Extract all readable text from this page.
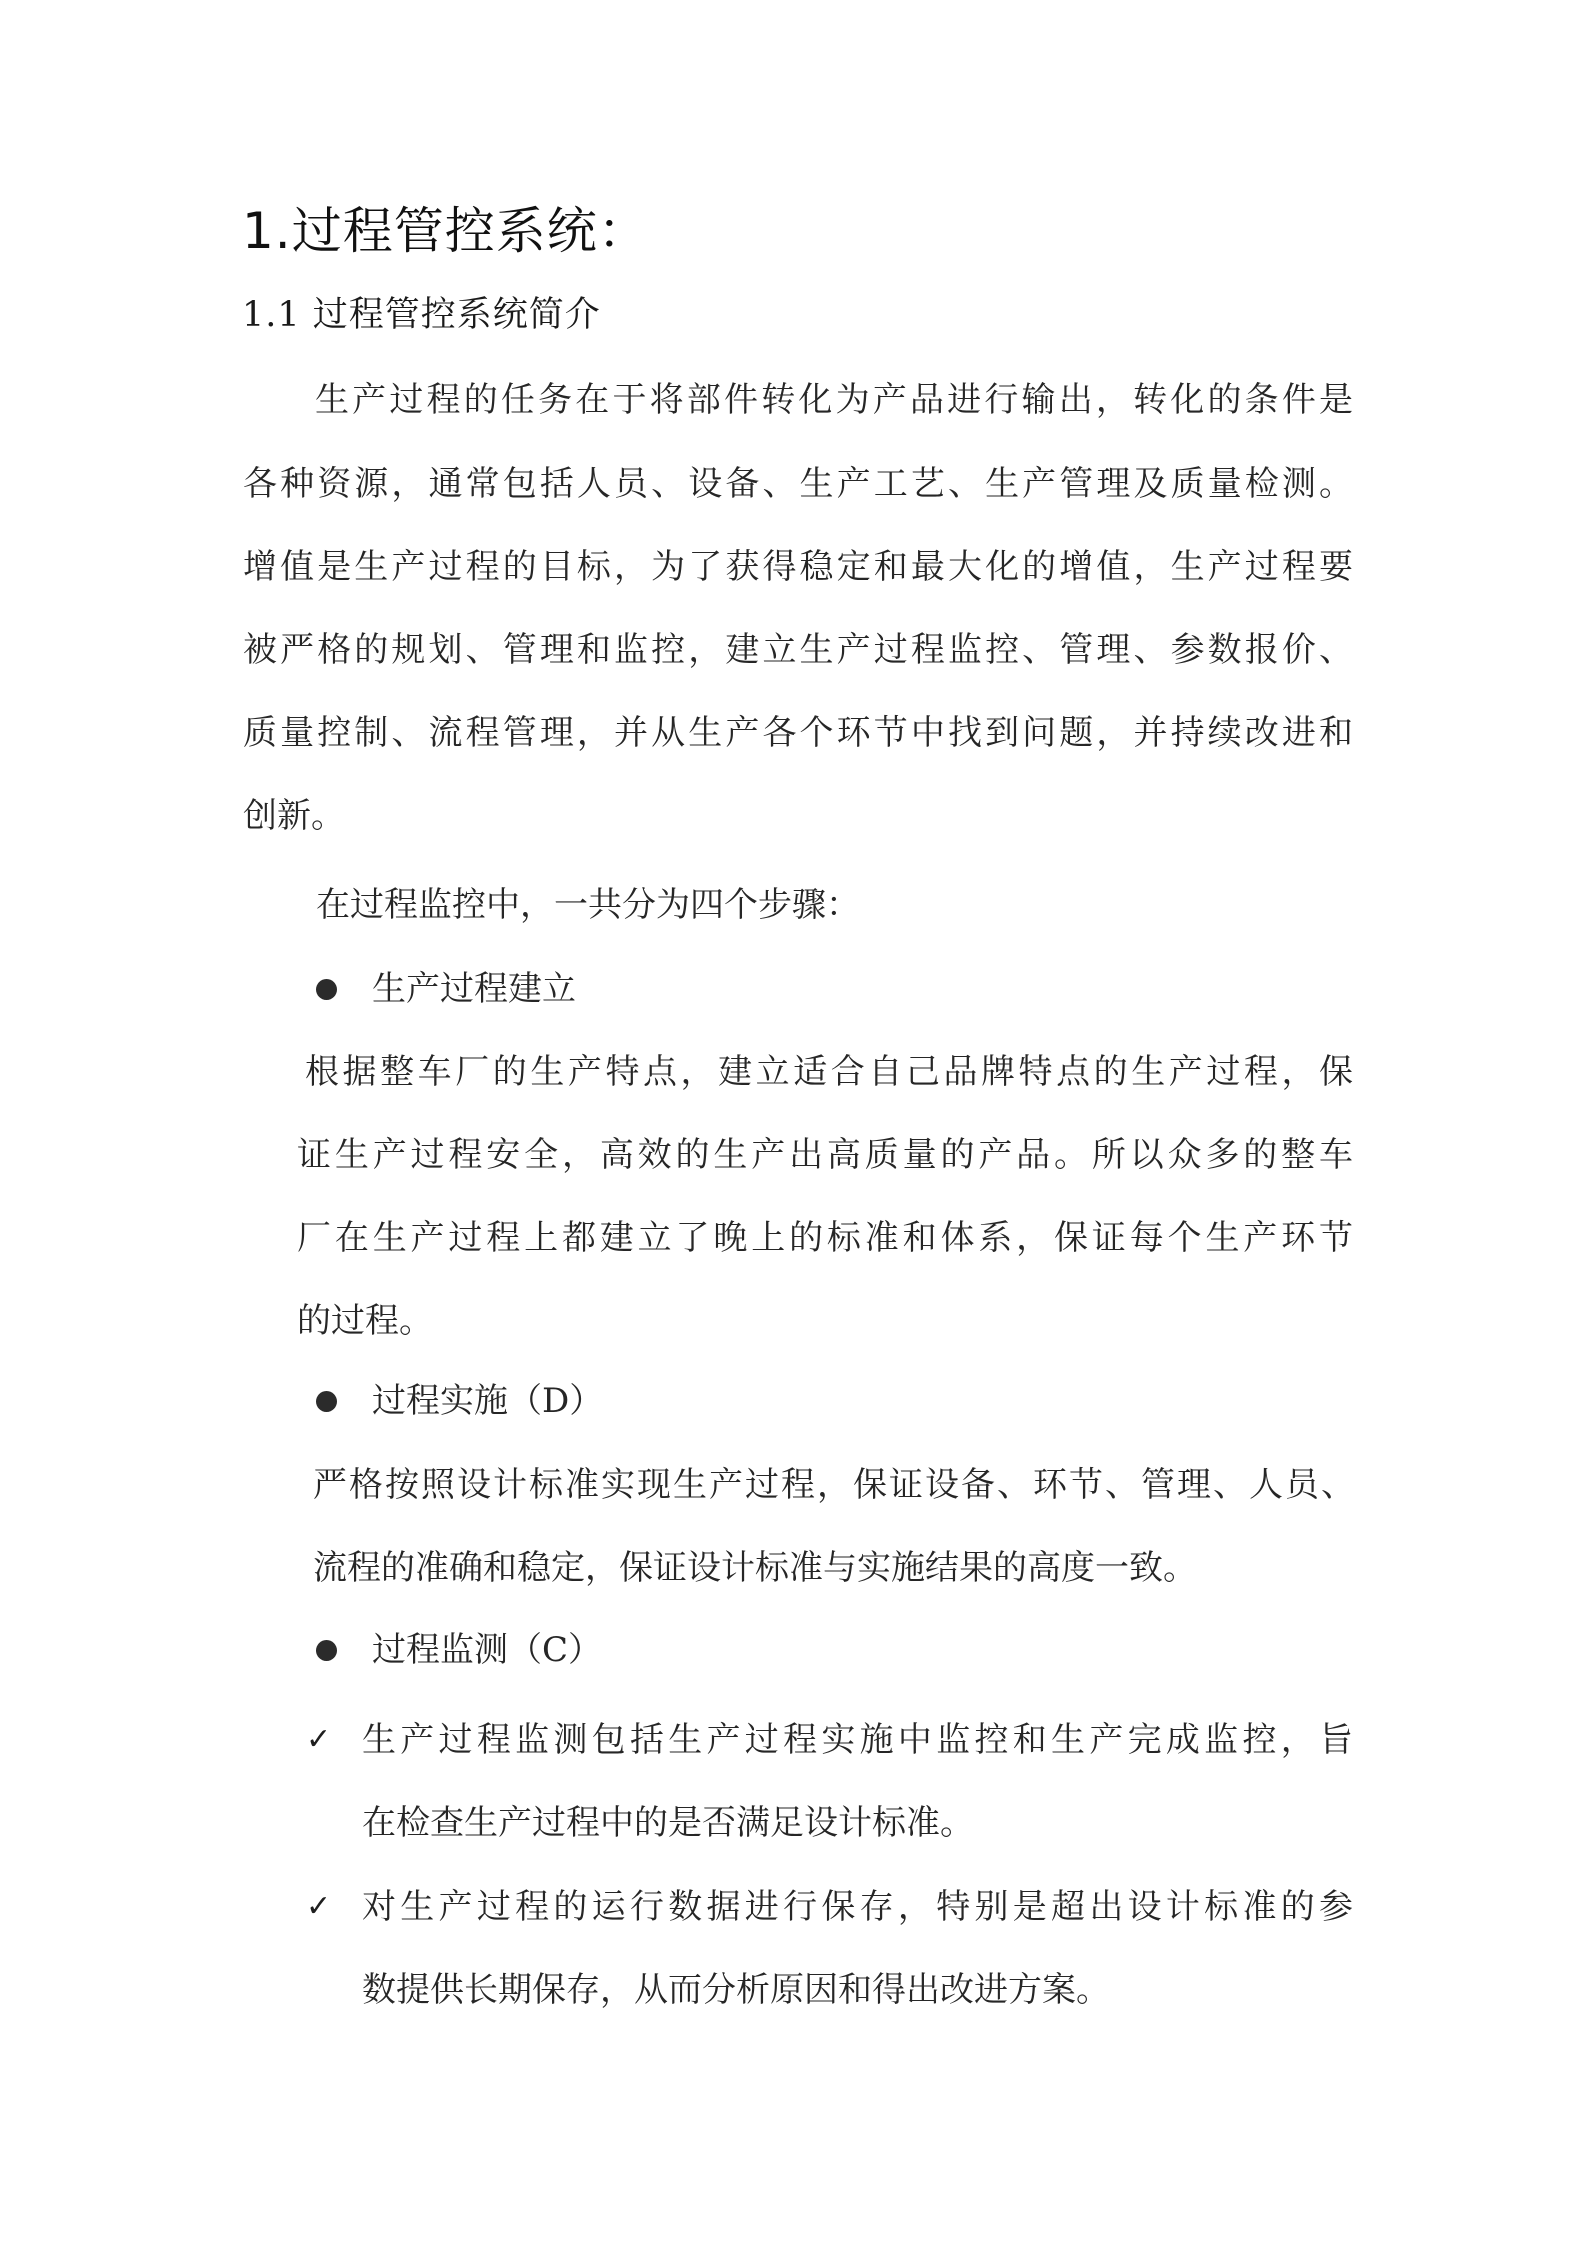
1.过程管控系统：
1.1 过程管控系统简介
生产过程的任务在于将部件转化为产品进行输出，转化的条件是
各种资源，通常包括人员、设备、生产工艺、生产管理及质量检测。
增值是生产过程的目标，为了获得稳定和最大化的增值，生产过程要
被严格的规划、管理和监控，建立生产过程监控、管理、参数报价、
质量控制、流程管理，并从生产各个环节中找到问题，并持续改进和
创新。
在过程监控中，一共分为四个步骤：
生产过程建立
根据整车厂的生产特点，建立适合自己品牌特点的生产过程，保
证生产过程安全，高效的生产出高质量的产品。所以众多的整车
厂在生产过程上都建立了晚上的标准和体系，保证每个生产环节
的过程。
过程实施（D）
严格按照设计标准实现生产过程，保证设备、环节、管理、人员、
流程的准确和稳定，保证设计标准与实施结果的高度一致。
过程监测（C）
✓ 生产过程监测包括生产过程实施中监控和生产完成监控，旨
在检查生产过程中的是否满足设计标准。
✓ 对生产过程的运行数据进行保存，特别是超出设计标准的参
数提供长期保存，从而分析原因和得出改进方案。
